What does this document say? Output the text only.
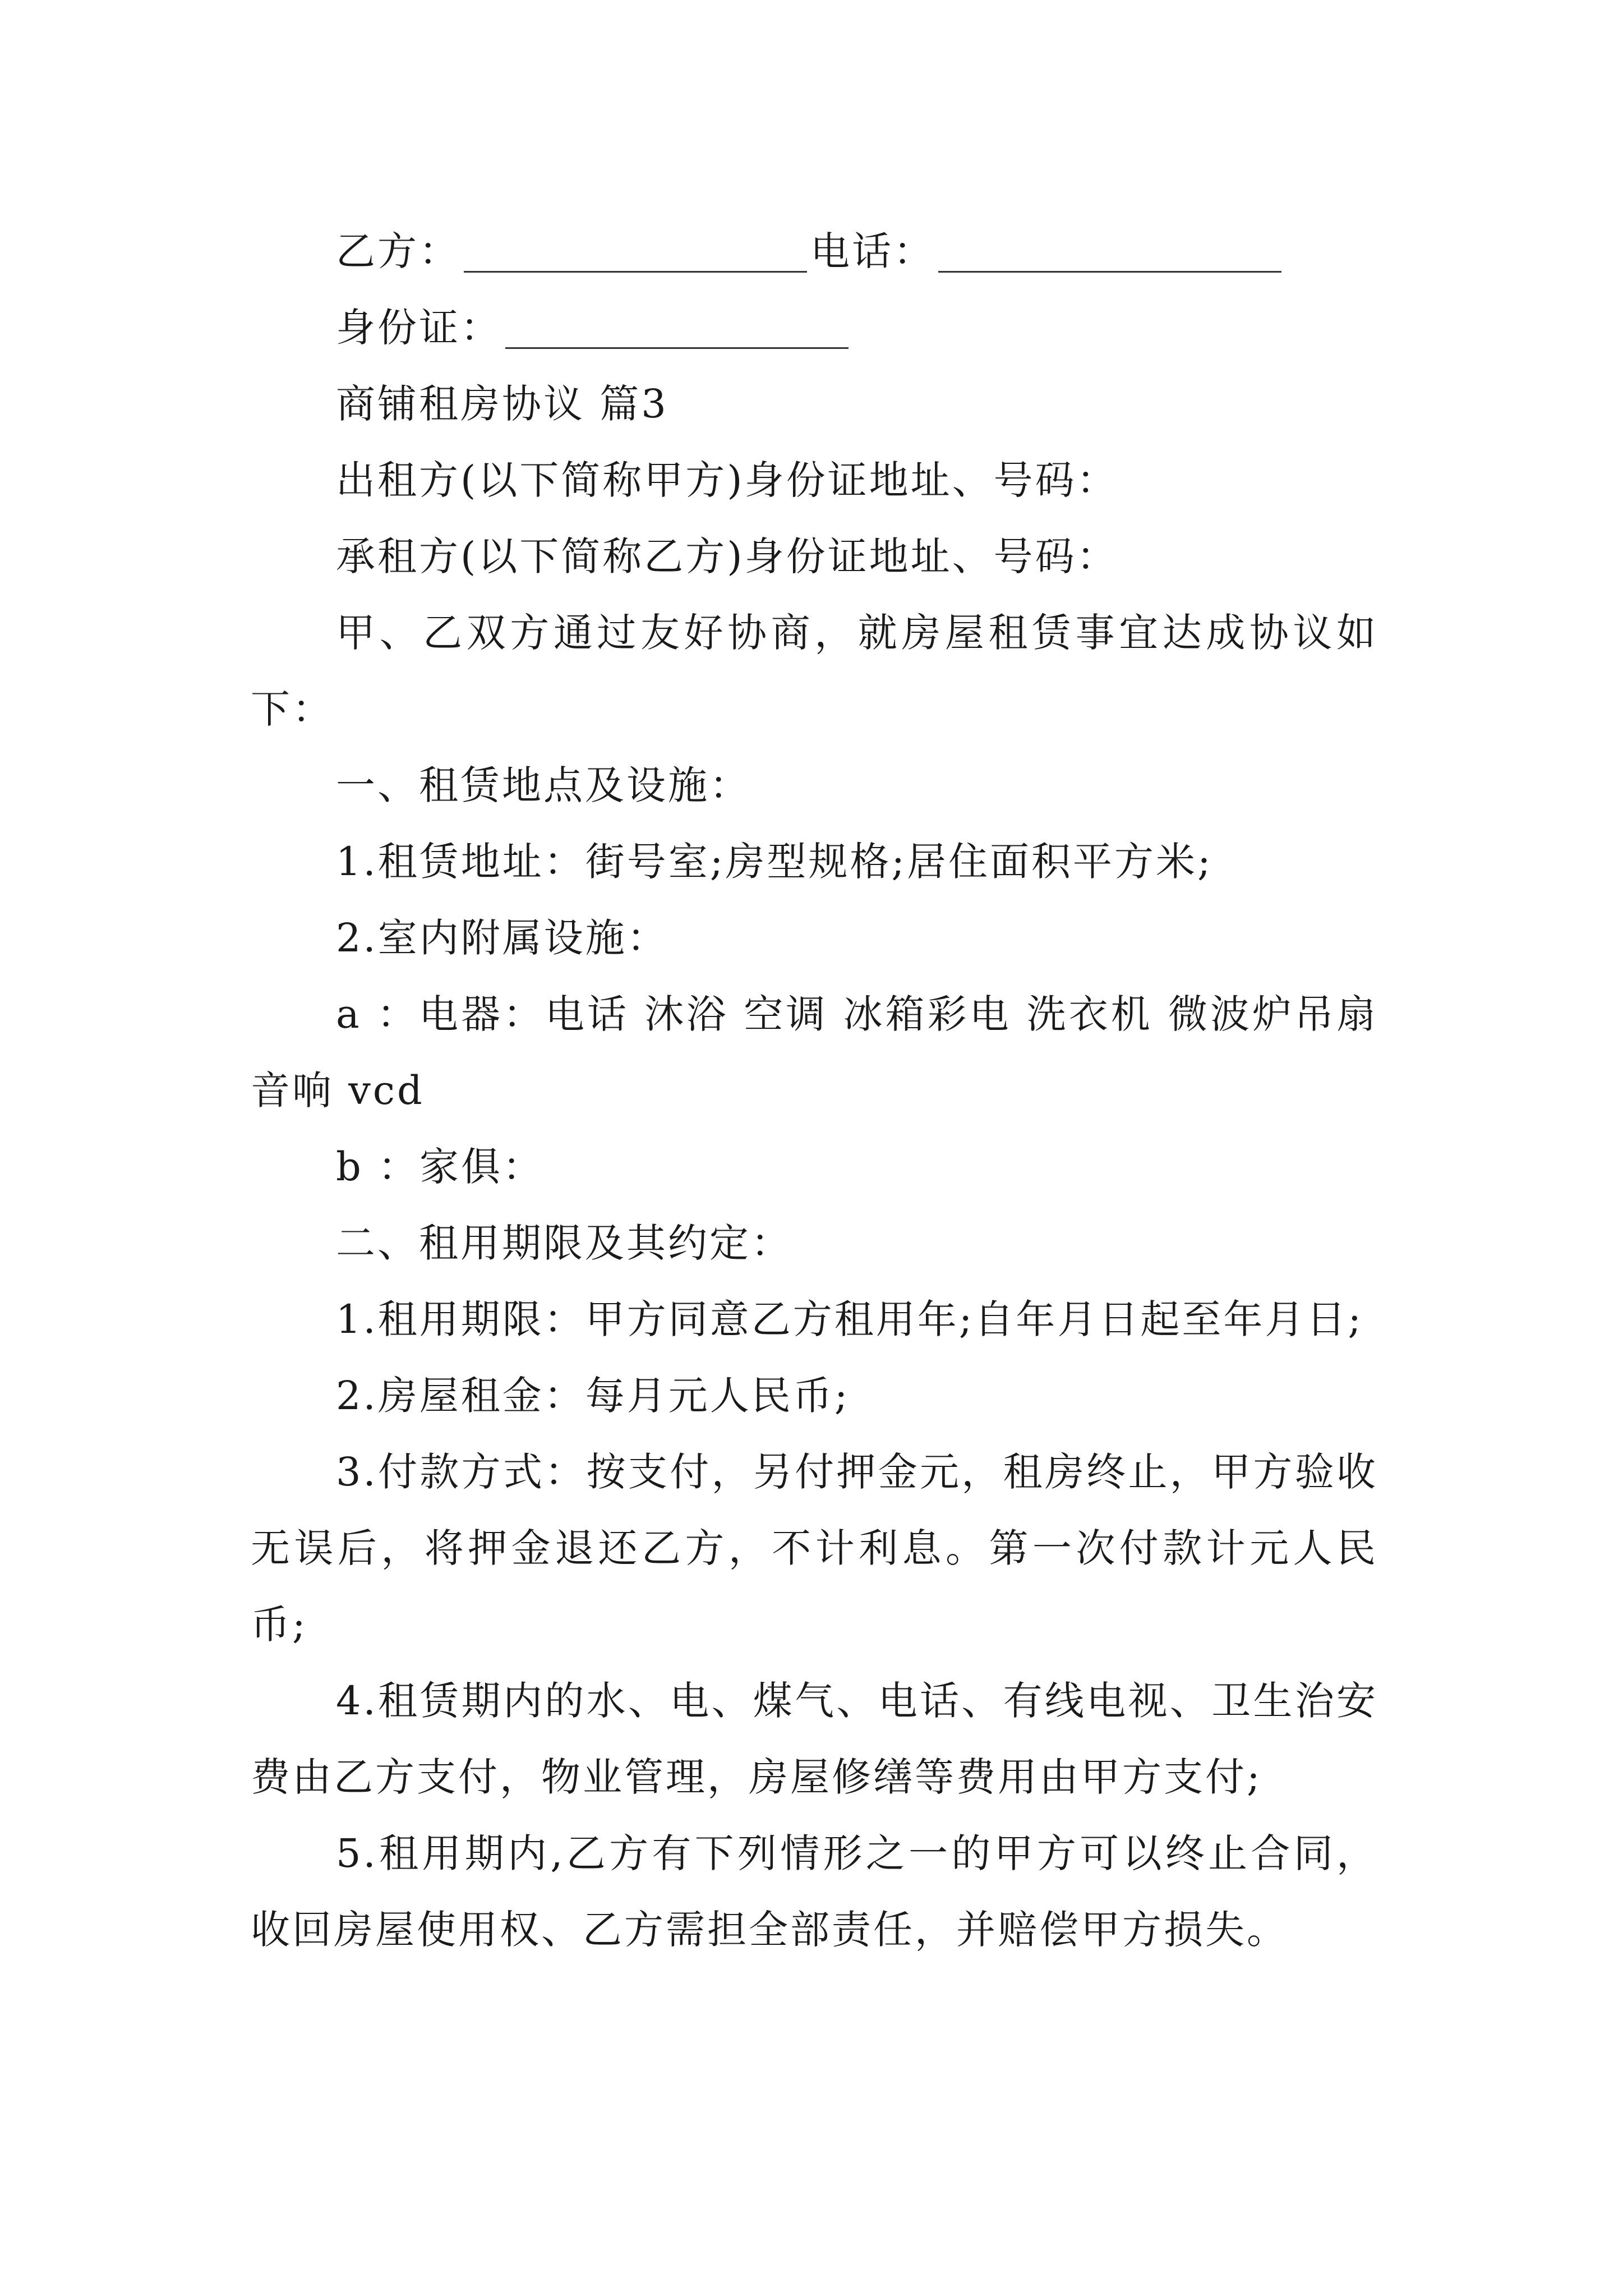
乙方：	电话：

身份证：

商铺租房协议 篇3

出租方(以下简称甲方)身份证地址、号码：

承租方(以下简称乙方)身份证地址、号码：

甲、乙双方通过友好协商，就房屋租赁事宜达成协议如下：

一、租赁地点及设施：

1.租赁地址：街号室;房型规格;居住面积平方米;

2.室内附属设施：

a ：电器：电话 沐浴 空调 冰箱彩电 洗衣机 微波炉吊扇 音响 vcd

b ：家俱：

二、租用期限及其约定：

1.租用期限：甲方同意乙方租用年;自年月日起至年月日;

2.房屋租金：每月元人民币;

3.付款方式：按支付，另付押金元，租房终止，甲方验收无误后，将押金退还乙方，不计利息。第一次付款计元人民币;

4.租赁期内的水、电、煤气、电话、有线电视、卫生治安费由乙方支付，物业管理，房屋修缮等费用由甲方支付;

5.租用期内,乙方有下列情形之一的甲方可以终止合同，收回房屋使用权、乙方需担全部责任，并赔偿甲方损失。
